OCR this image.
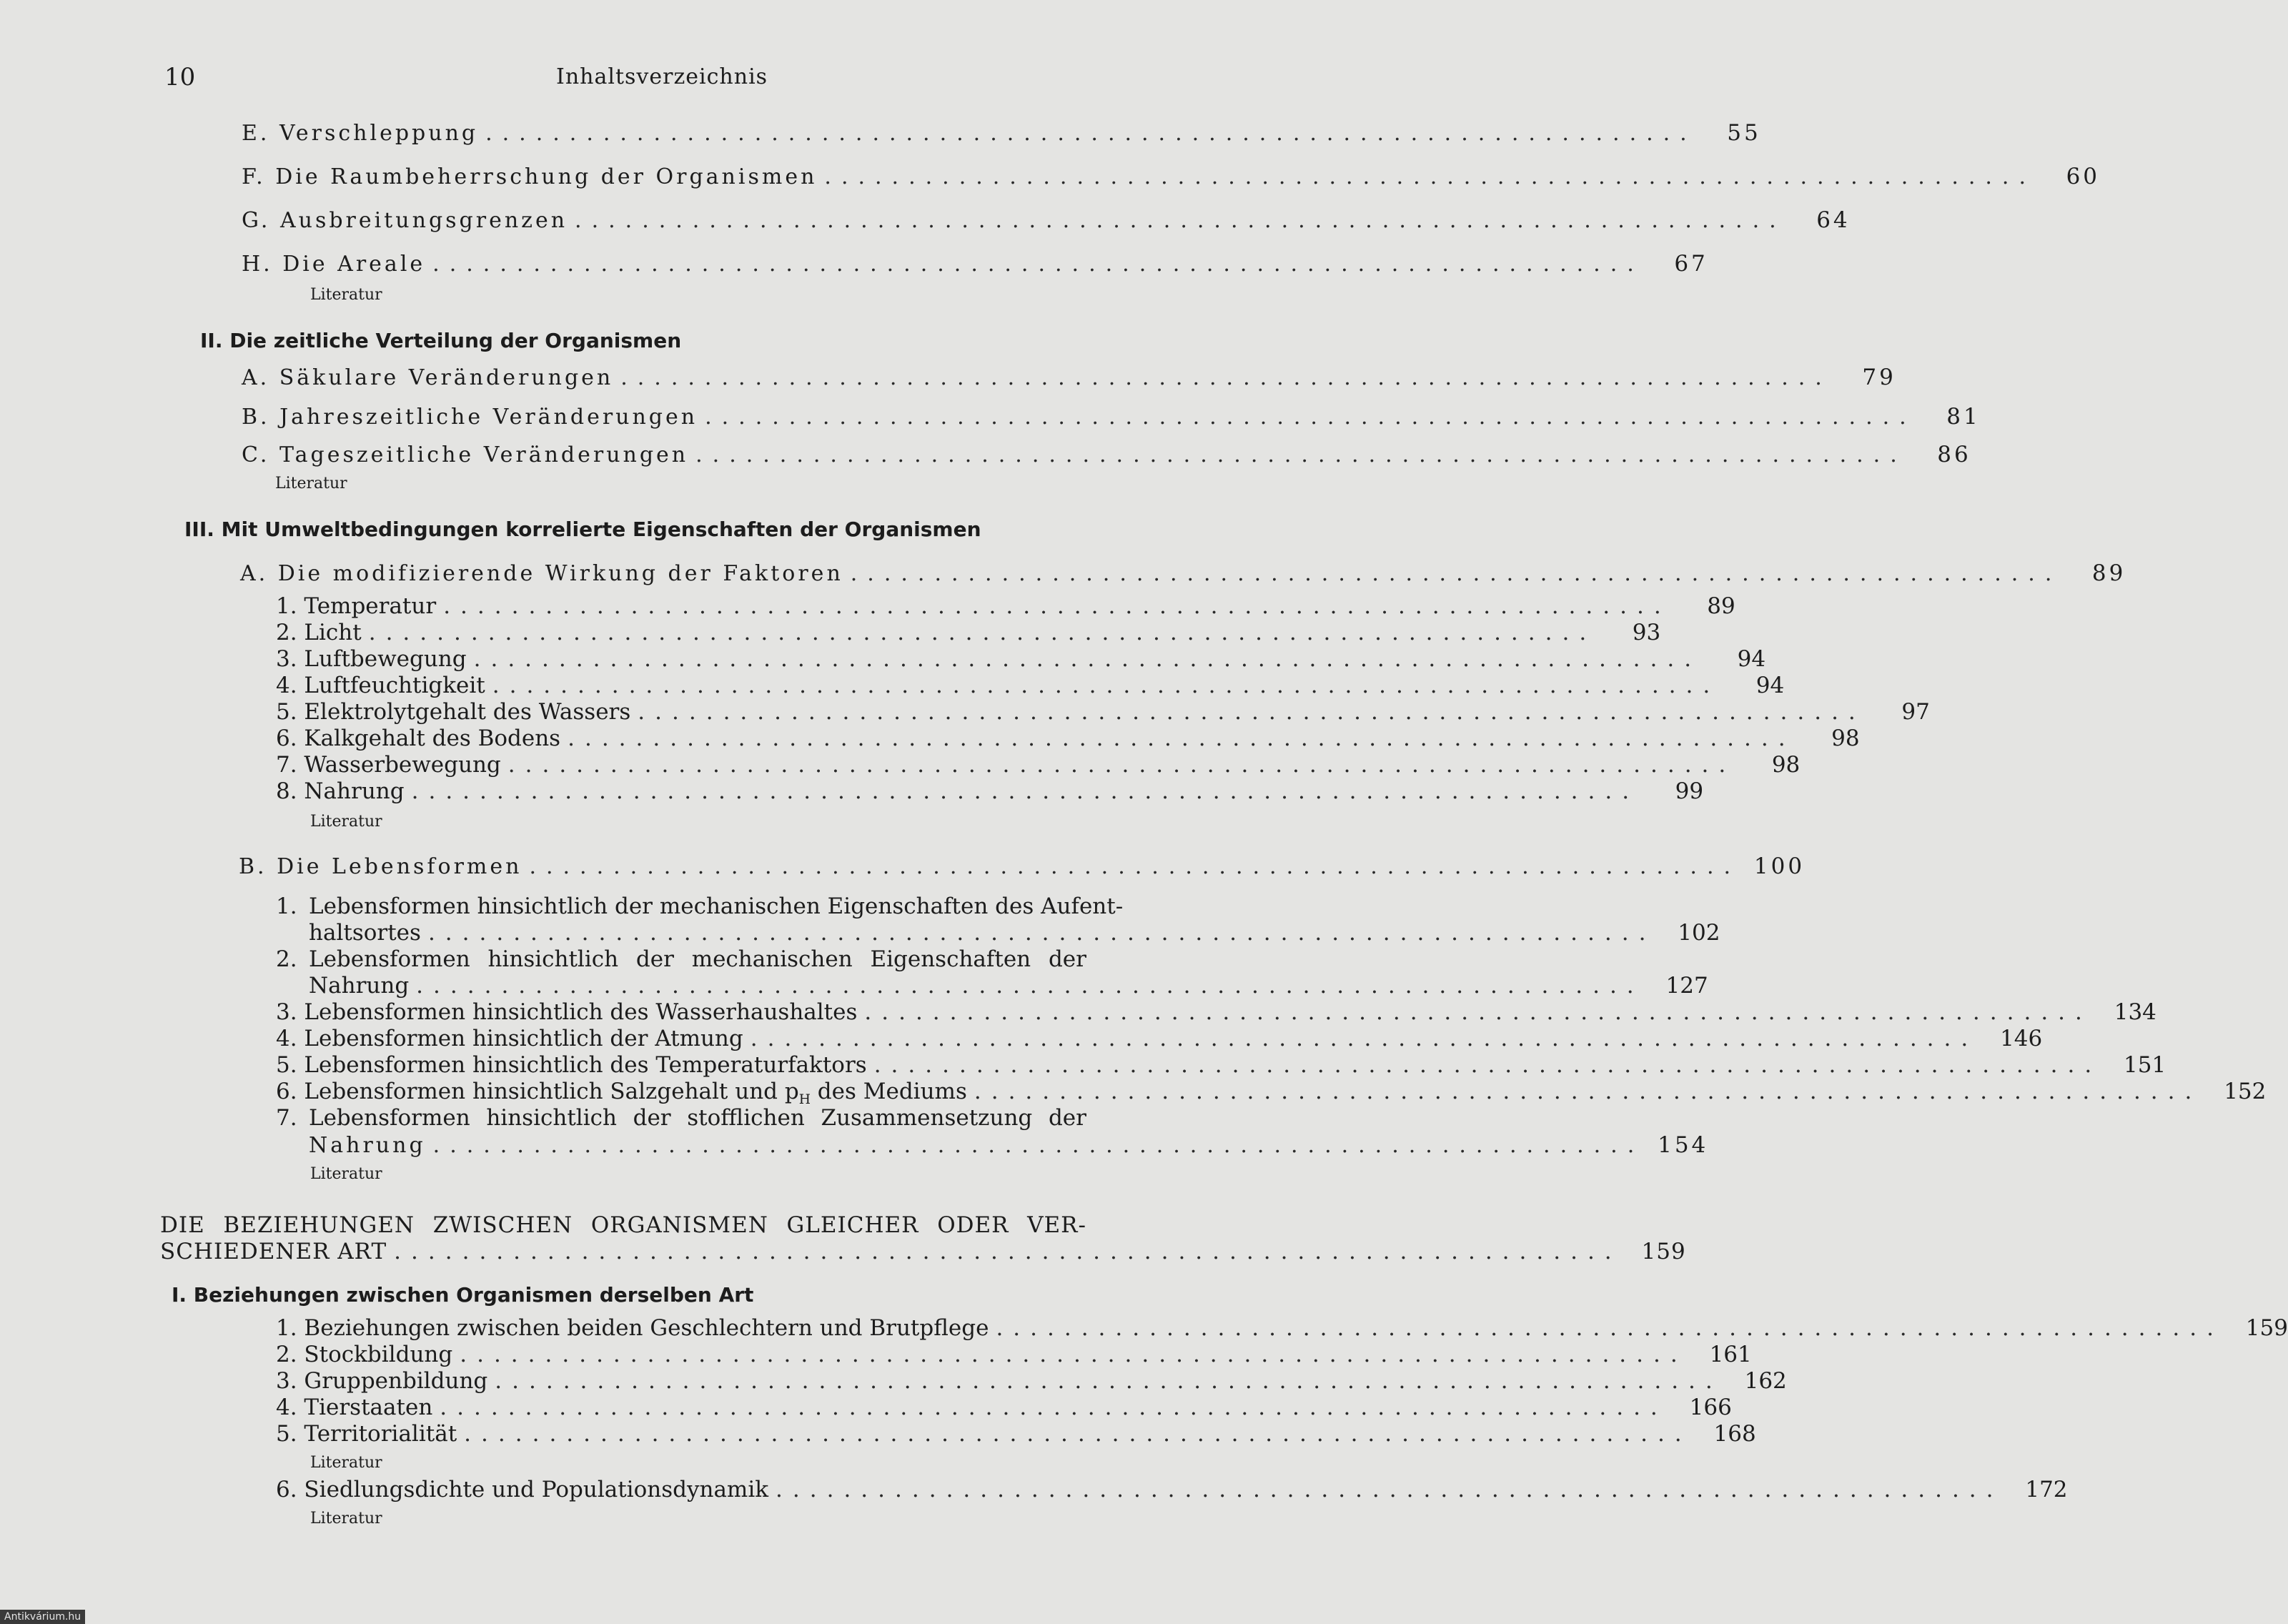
10	Inhaltsverzeichnis
E. Verschleppung ........................................................................	55
F. Die Raumbeherrschung der Organismen ........................................................................	60
G. Ausbreitungsgrenzen ........................................................................	64
H. Die Areale ........................................................................	67
Literatur
II. Die zeitliche Verteilung der Organismen
A. Säkulare Veränderungen ........................................................................	79
B. Jahreszeitliche Veränderungen ........................................................................	81
C. Tageszeitliche Veränderungen ........................................................................	86
Literatur
III. Mit Umweltbedingungen korrelierte Eigenschaften der Organismen
A. Die modifizierende Wirkung der Faktoren ........................................................................	89
1. Temperatur ........................................................................	89
2. Licht ........................................................................	93
3. Luftbewegung ........................................................................	94
4. Luftfeuchtigkeit ........................................................................	94
5. Elektrolytgehalt des Wassers ........................................................................	97
6. Kalkgehalt des Bodens ........................................................................	98
7. Wasserbewegung ........................................................................	98
8. Nahrung ........................................................................	99
Literatur
B. Die Lebensformen ........................................................................ 100
1. Lebensformen hinsichtlich der mechanischen Eigenschaften des Aufent-
haltsortes ........................................................................ 102
2. Lebensformen hinsichtlich der mechanischen Eigenschaften der
Nahrung ........................................................................ 127
3. Lebensformen hinsichtlich des Wasserhaushaltes ........................................................................ 134
4. Lebensformen hinsichtlich der Atmung ........................................................................ 146
5. Lebensformen hinsichtlich des Temperaturfaktors ........................................................................ 151
6. Lebensformen hinsichtlich Salzgehalt und $p_H$ des Mediums ........................................................................ 152
7. Lebensformen hinsichtlich der stofflichen Zusammensetzung der
Nahrung ........................................................................ 154
Literatur
DIE BEZIEHUNGEN ZWISCHEN ORGANISMEN GLEICHER ODER VER-
SCHIEDENER ART ........................................................................ 159
I. Beziehungen zwischen Organismen derselben Art
1. Beziehungen zwischen beiden Geschlechtern und Brutpflege ........................................................................ 159
2. Stockbildung ........................................................................ 161
3. Gruppenbildung ........................................................................ 162
4. Tierstaaten ........................................................................ 166
5. Territorialität ........................................................................ 168
Literatur
6. Siedlungsdichte und Populationsdynamik ........................................................................ 172
Literatur
Antikvárium.hu
